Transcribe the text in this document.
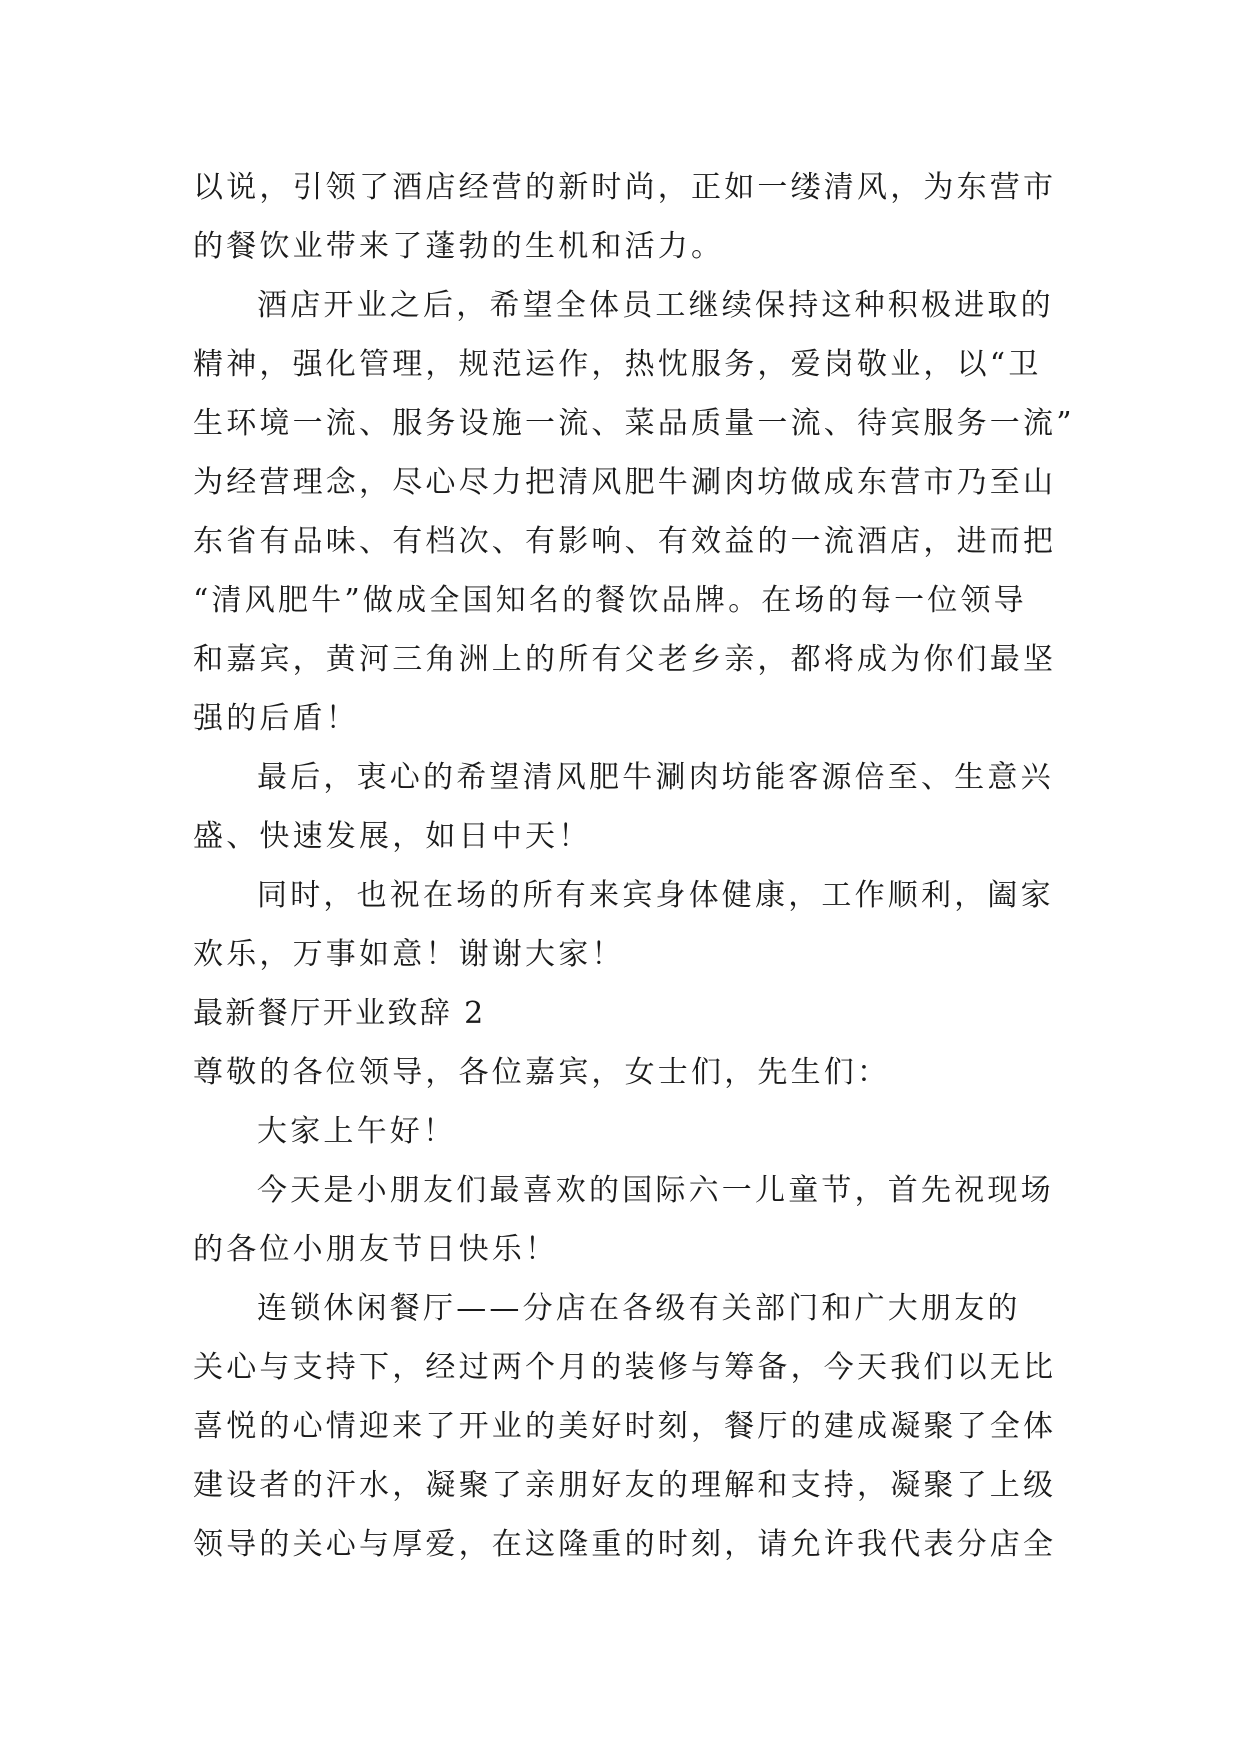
以说，引领了酒店经营的新时尚，正如一缕清风，为东营市
的餐饮业带来了蓬勃的生机和活力。
酒店开业之后，希望全体员工继续保持这种积极进取的
精神，强化管理，规范运作，热忱服务，爱岗敬业，以“卫
生环境一流、服务设施一流、菜品质量一流、待宾服务一流”
为经营理念，尽心尽力把清风肥牛涮肉坊做成东营市乃至山
东省有品味、有档次、有影响、有效益的一流酒店，进而把
“清风肥牛”做成全国知名的餐饮品牌。在场的每一位领导
和嘉宾，黄河三角洲上的所有父老乡亲，都将成为你们最坚
强的后盾！
最后，衷心的希望清风肥牛涮肉坊能客源倍至、生意兴
盛、快速发展，如日中天！
同时，也祝在场的所有来宾身体健康，工作顺利，阖家
欢乐，万事如意！谢谢大家！
最新餐厅开业致辞 2
尊敬的各位领导，各位嘉宾，女士们，先生们：
大家上午好！
今天是小朋友们最喜欢的国际六一儿童节，首先祝现场
的各位小朋友节日快乐！
连锁休闲餐厅——分店在各级有关部门和广大朋友的
关心与支持下，经过两个月的装修与筹备，今天我们以无比
喜悦的心情迎来了开业的美好时刻，餐厅的建成凝聚了全体
建设者的汗水，凝聚了亲朋好友的理解和支持，凝聚了上级
领导的关心与厚爱，在这隆重的时刻，请允许我代表分店全
